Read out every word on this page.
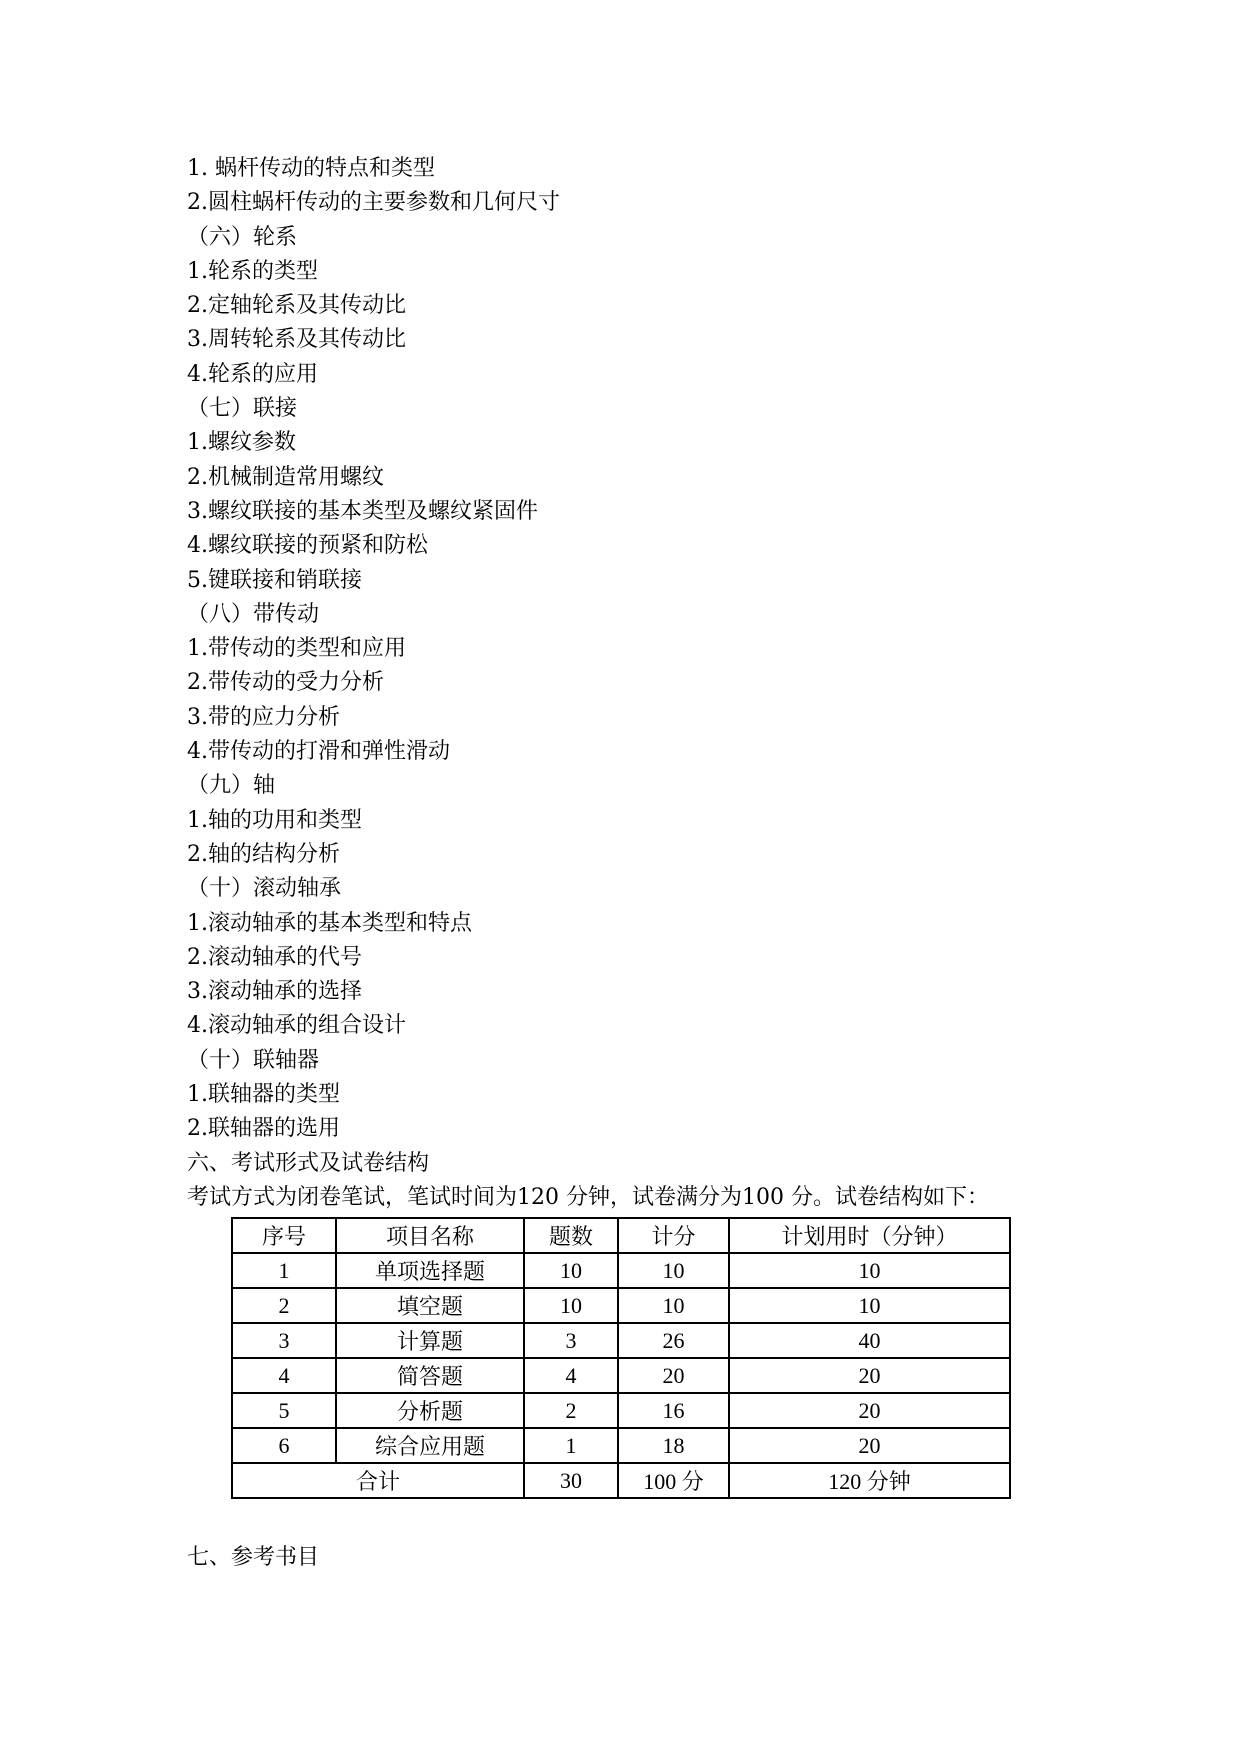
1. 蜗杆传动的特点和类型
2.圆柱蜗杆传动的主要参数和几何尺寸
（六）轮系
1.轮系的类型
2.定轴轮系及其传动比
3.周转轮系及其传动比
4.轮系的应用
（七）联接
1.螺纹参数
2.机械制造常用螺纹
3.螺纹联接的基本类型及螺纹紧固件
4.螺纹联接的预紧和防松
5.键联接和销联接
（八）带传动
1.带传动的类型和应用
2.带传动的受力分析
3.带的应力分析
4.带传动的打滑和弹性滑动
（九）轴
1.轴的功用和类型
2.轴的结构分析
（十）滚动轴承
1.滚动轴承的基本类型和特点
2.滚动轴承的代号
3.滚动轴承的选择
4.滚动轴承的组合设计
（十）联轴器
1.联轴器的类型
2.联轴器的选用
六、考试形式及试卷结构
考试方式为闭卷笔试，笔试时间为120 分钟，试卷满分为100 分。试卷结构如下：
序号	项目名称	题数	计分	计划用时（分钟）
1	单项选择题	10	10	10
2	填空题	10	10	10
3	计算题	3	26	40
4	简答题	4	20	20
5	分析题	2	16	20
6	综合应用题	1	18	20
合计		30	100 分	120 分钟
七、参考书目
